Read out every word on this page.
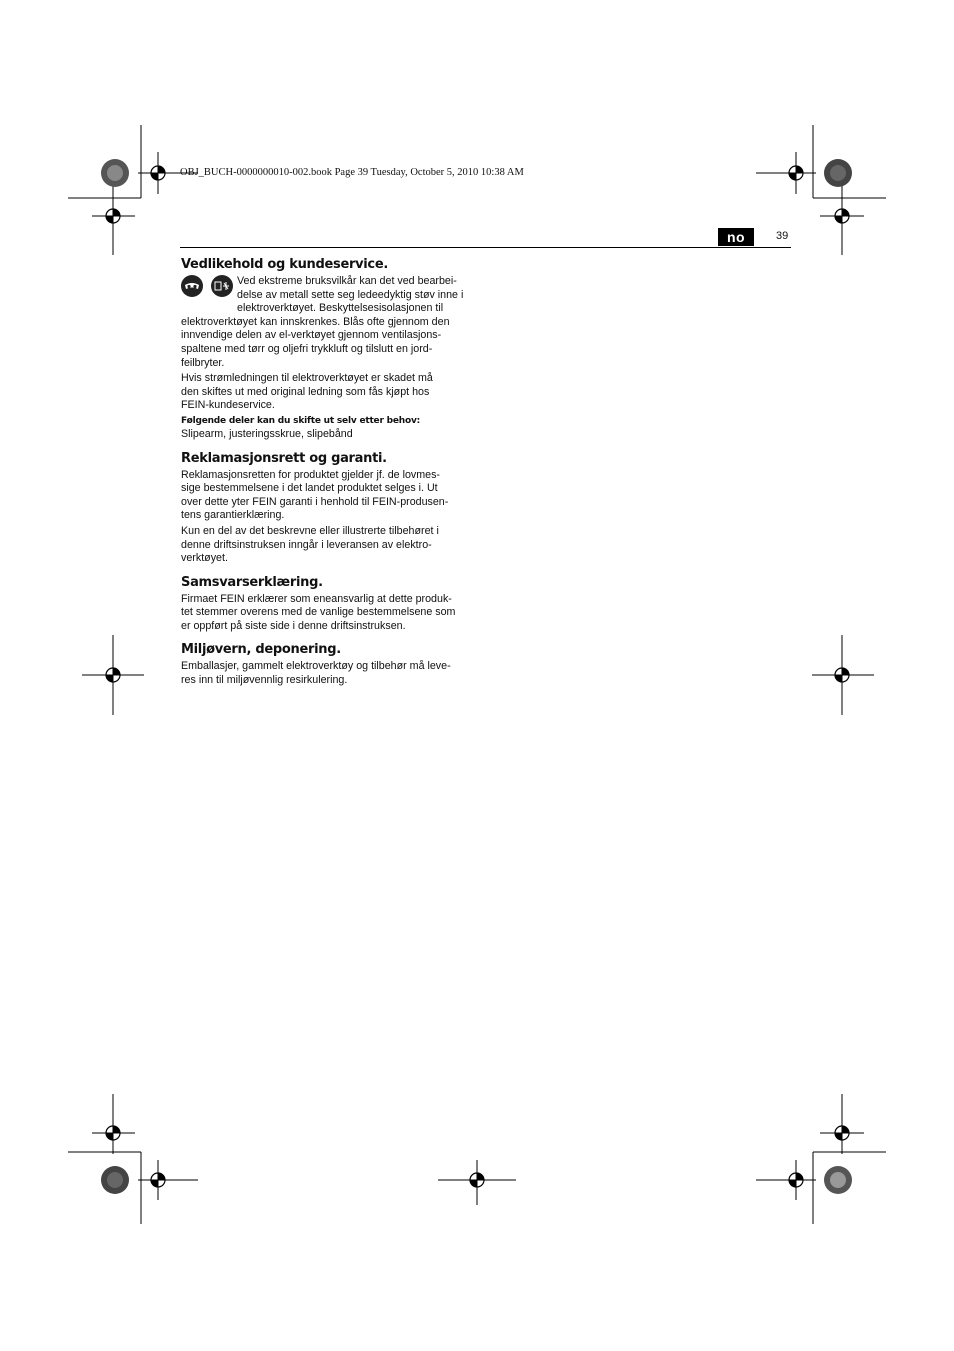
OBJ_BUCH-0000000010-002.book Page 39 Tuesday, October 5, 2010 10:38 AM
no	39
Vedlikehold og kundeservice.

Ved ekstreme bruksvilkår kan det ved bearbei-
delse av metall sette seg ledeedyktig støv inne i
elektroverktøyet. Beskyttelsesisolasjonen til
elektroverktøyet kan innskrenkes. Blås ofte gjennom den
innvendige delen av el-verktøyet gjennom ventilasjons-
spaltene med tørr og oljefri trykkluft og tilslutt en jord-
feilbryter.
Hvis strømledningen til elektroverktøyet er skadet må
den skiftes ut med original ledning som fås kjøpt hos
FEIN-kundeservice.
Følgende deler kan du skifte ut selv etter behov:
Slipearm, justeringsskrue, slipebånd
Reklamasjonsrett og garanti.
Reklamasjonsretten for produktet gjelder jf. de lovmes-
sige bestemmelsene i det landet produktet selges i. Ut
over dette yter FEIN garanti i henhold til FEIN-produsen-
tens garantierklæring.
Kun en del av det beskrevne eller illustrerte tilbehøret i
denne driftsinstruksen inngår i leveransen av elektro-
verktøyet.
Samsvarserklæring.
Firmaet FEIN erklærer som eneansvarlig at dette produk-
tet stemmer overens med de vanlige bestemmelsene som
er oppført på siste side i denne driftsinstruksen.
Miljøvern, deponering.
Emballasjer, gammelt elektroverktøy og tilbehør må leve-
res inn til miljøvennlig resirkulering.
